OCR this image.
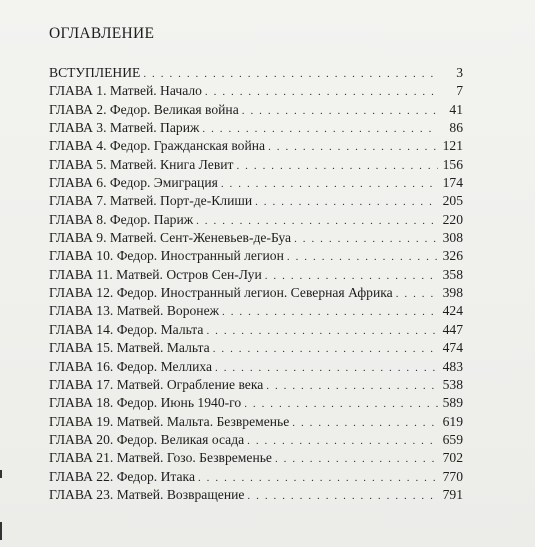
ОГЛАВЛЕНИЕ
ВСТУПЛЕНИЕ . . .	3
ГЛАВА 1. Матвей. Начало . . .	7
ГЛАВА 2. Федор. Великая война . . .	41
ГЛАВА 3. Матвей. Париж . . .	86
ГЛАВА 4. Федор. Гражданская война . . .	121
ГЛАВА 5. Матвей. Книга Левит . . .	156
ГЛАВА 6. Федор. Эмиграция . . .	174
ГЛАВА 7. Матвей. Порт-де-Клиши . . .	205
ГЛАВА 8. Федор. Париж . . .	220
ГЛАВА 9. Матвей. Сент-Женевьев-де-Буа . . .	308
ГЛАВА 10. Федор. Иностранный легион . . .	326
ГЛАВА 11. Матвей. Остров Сен-Луи . . .	358
ГЛАВА 12. Федор. Иностранный легион. Северная Африка . . .	398
ГЛАВА 13. Матвей. Воронеж . . .	424
ГЛАВА 14. Федор. Мальта . . .	447
ГЛАВА 15. Матвей. Мальта . . .	474
ГЛАВА 16. Федор. Меллиха . . .	483
ГЛАВА 17. Матвей. Ограбление века . . .	538
ГЛАВА 18. Федор. Июнь 1940-го . . .	589
ГЛАВА 19. Матвей. Мальта. Безвременье . . .	619
ГЛАВА 20. Федор. Великая осада . . .	659
ГЛАВА 21. Матвей. Гозо. Безвременье . . .	702
ГЛАВА 22. Федор. Итака . . .	770
ГЛАВА 23. Матвей. Возвращение . . .	791
